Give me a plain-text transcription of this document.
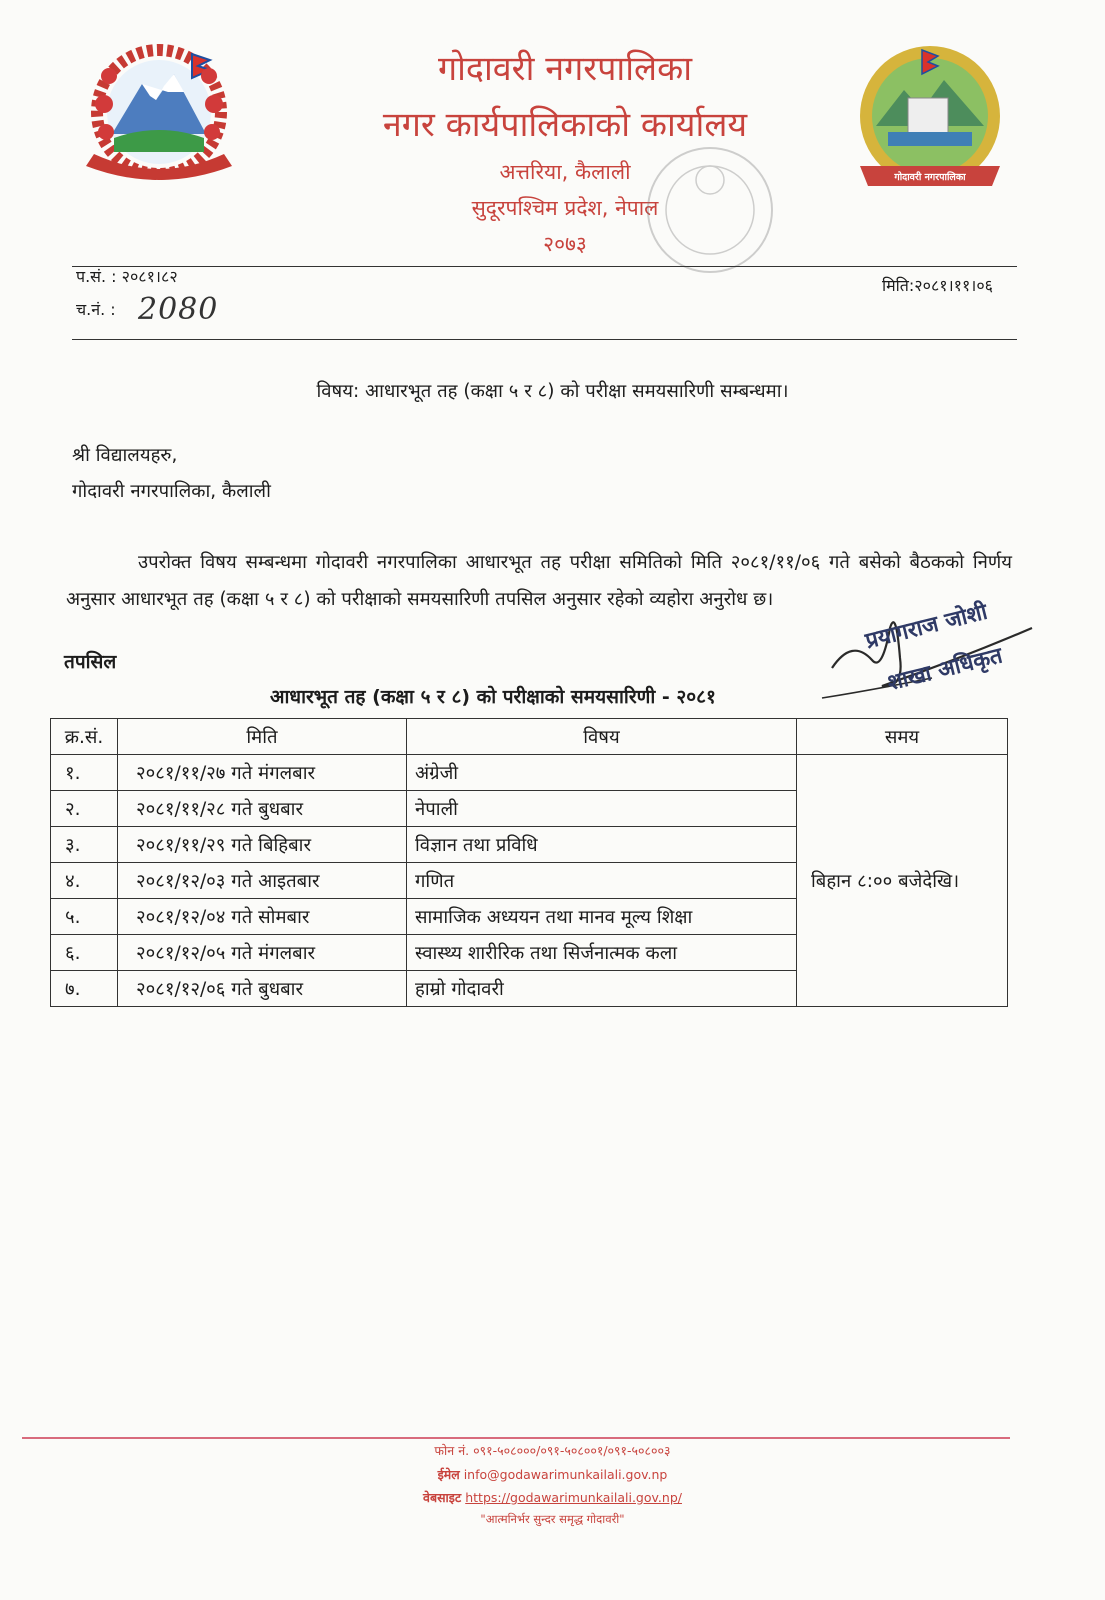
गोदावरी नगरपालिका
नगर कार्यपालिकाको कार्यालय
अत्तरिया, कैलाली
सुदूरपश्चिम प्रदेश, नेपाल
२०७३
गोदावरी नगरपालिका
प.सं. : २०८१।८२
च.नं. : 2080
मिति:२०८१।११।०६
विषय: आधारभूत तह (कक्षा ५ र ८) को परीक्षा समयसारिणी सम्बन्धमा।
श्री विद्यालयहरु,
गोदावरी नगरपालिका, कैलाली
उपरोक्त विषय सम्बन्धमा गोदावरी नगरपालिका आधारभूत तह परीक्षा समितिको मिति २०८१/११/०६ गते बसेको बैठकको निर्णय अनुसार आधारभूत तह (कक्षा ५ र ८) को परीक्षाको समयसारिणी तपसिल अनुसार रहेको व्यहोरा अनुरोध छ।
तपसिल
आधारभूत तह (कक्षा ५ र ८) को परीक्षाको समयसारिणी - २०८१
प्रयागराज जोशी
शाखा अधिकृत
क्र.सं.	मिति	विषय	समय
१.	२०८१/११/२७ गते मंगलबार	अंग्रेजी	बिहान ८:०० बजेदेखि।
२.	२०८१/११/२८ गते बुधबार	नेपाली	
३.	२०८१/११/२९ गते बिहिबार	विज्ञान तथा प्रविधि	
४.	२०८१/१२/०३ गते आइतबार	गणित	
५.	२०८१/१२/०४ गते सोमबार	सामाजिक अध्ययन तथा मानव मूल्य शिक्षा	
६.	२०८१/१२/०५ गते मंगलबार	स्वास्थ्य शारीरिक तथा सिर्जनात्मक कला	
७.	२०८१/१२/०६ गते बुधबार	हाम्रो गोदावरी	
फोन नं. ०९१-५०८०००/०९१-५०८००१/०९१-५०८००३
ईमेल info@godawarimunkailali.gov.np
वेबसाइट https://godawarimunkailali.gov.np/
"आत्मनिर्भर सुन्दर समृद्ध गोदावरी"
